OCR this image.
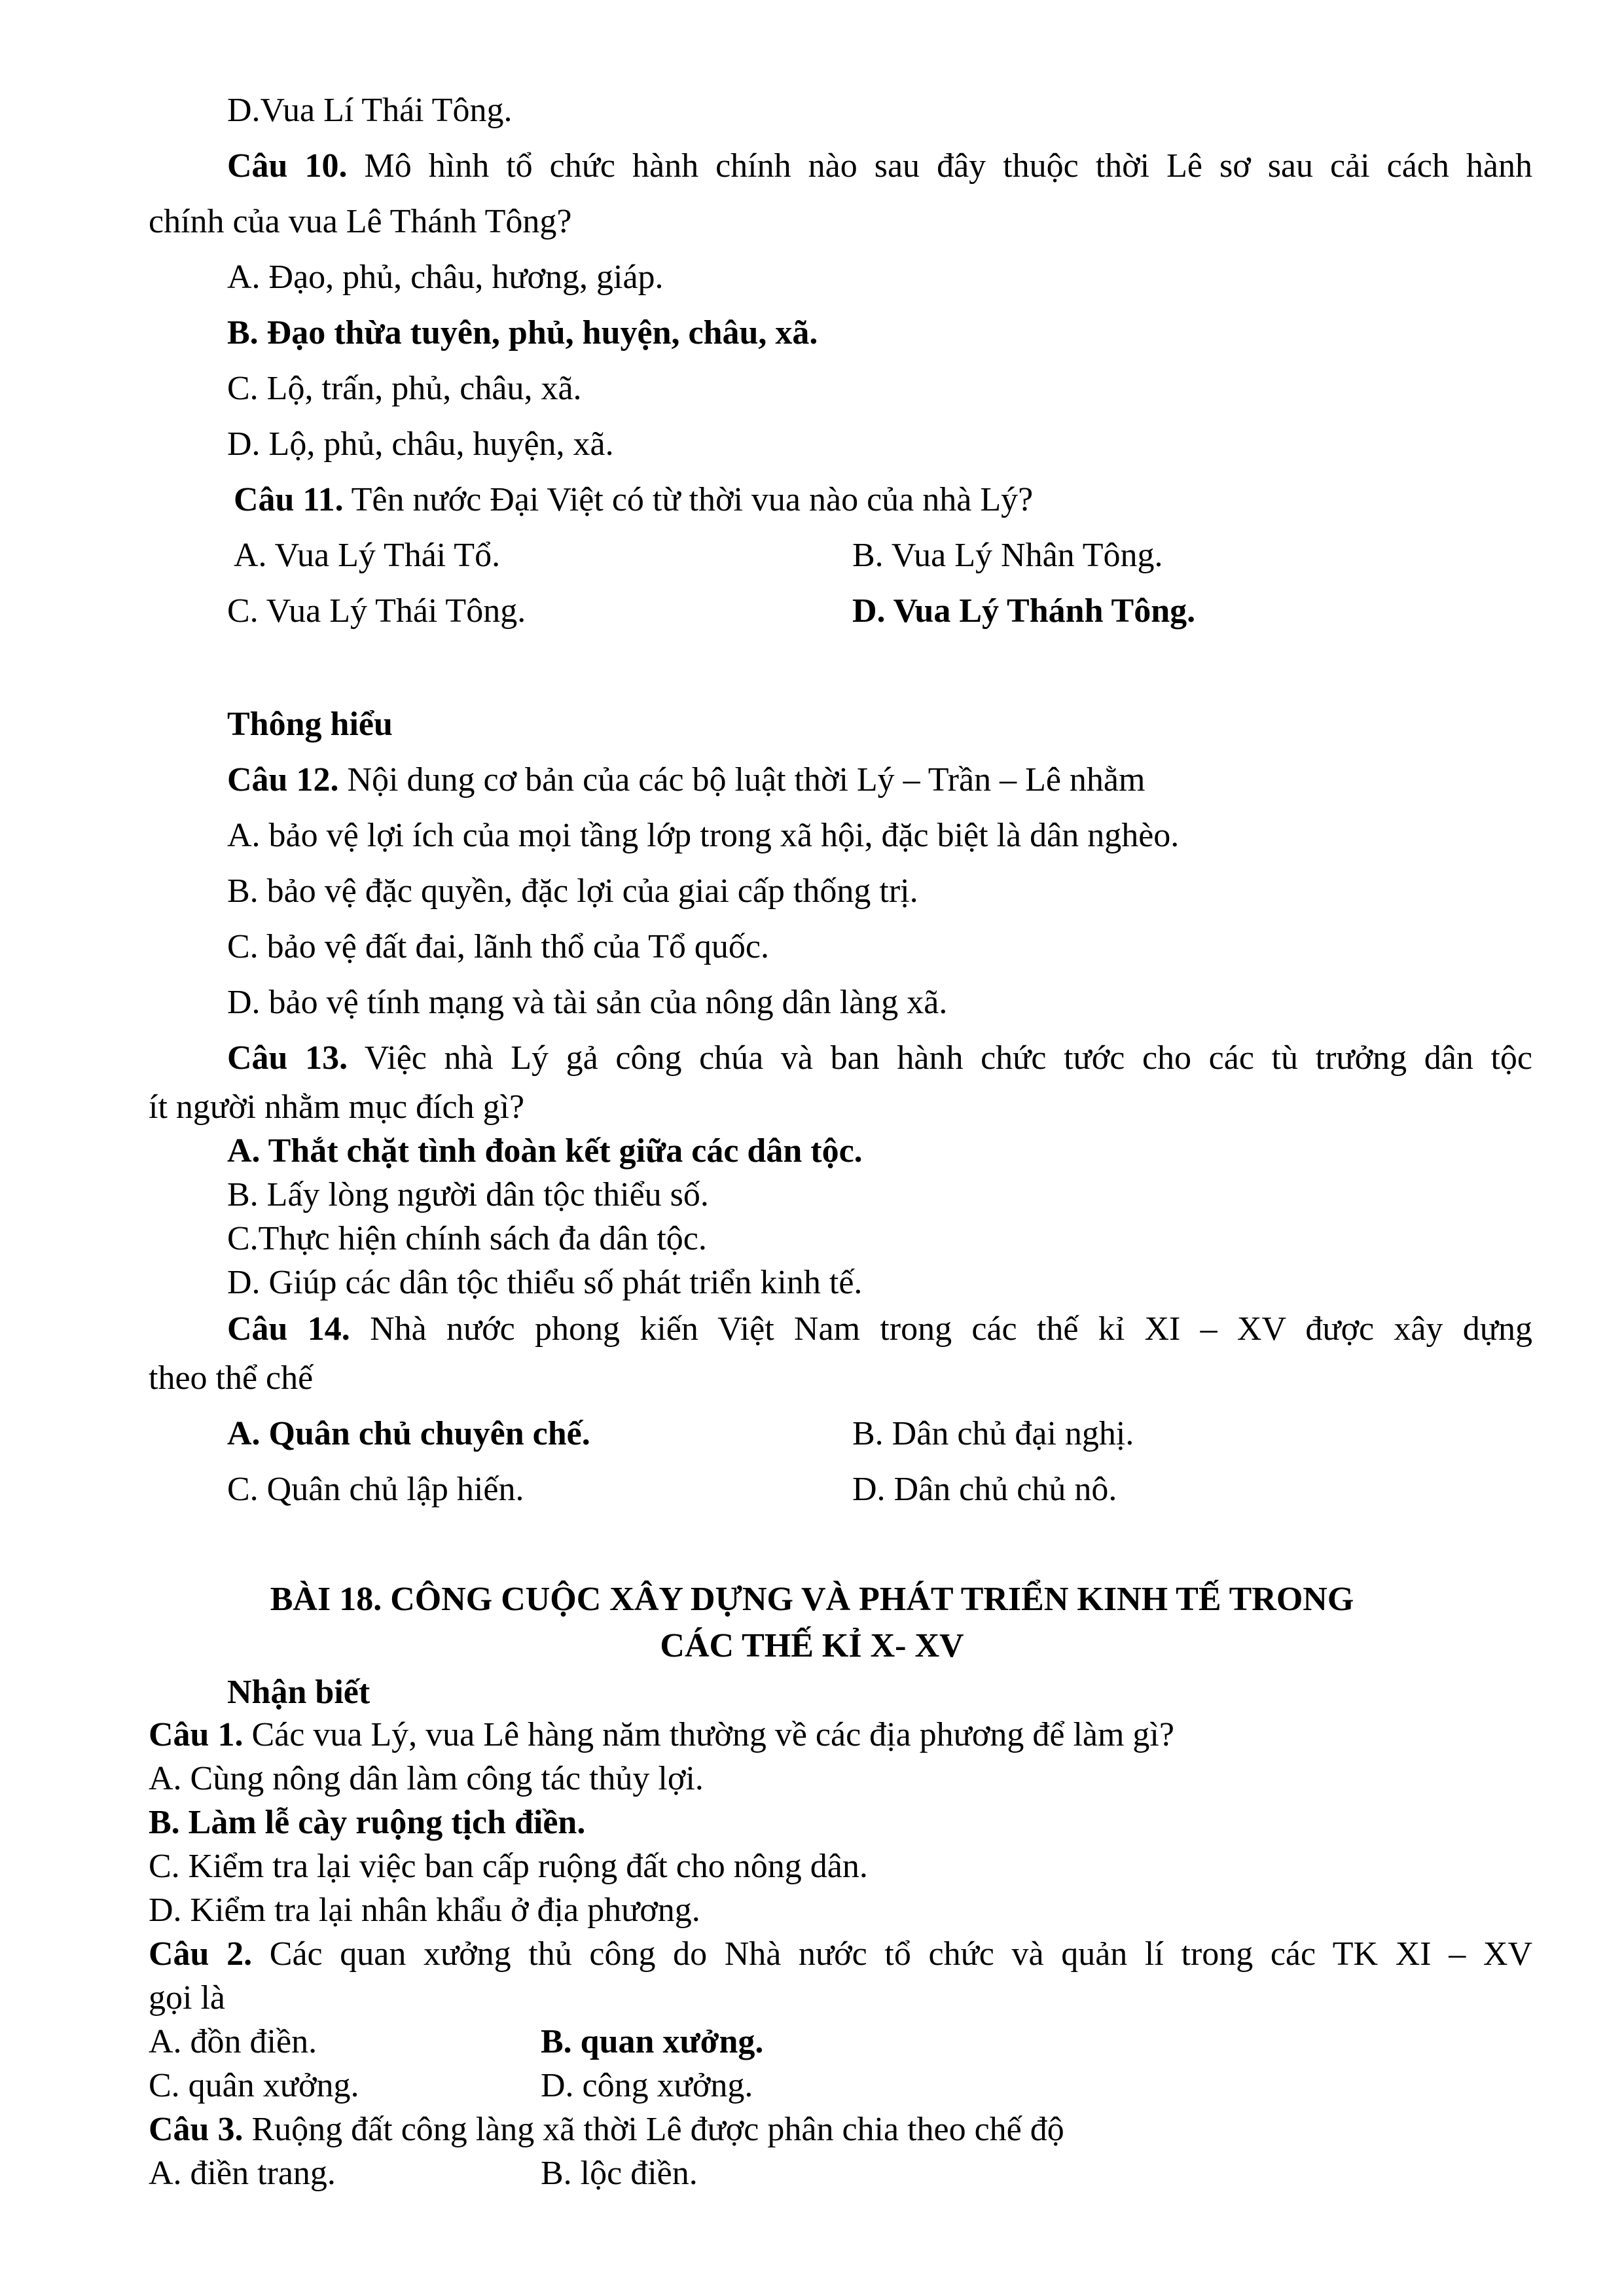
D.Vua Lí Thái Tông.
Câu 10. Mô hình tổ chức hành chính nào sau đây thuộc thời Lê sơ sau cải cách hành
chính của vua Lê Thánh Tông?
A. Đạo, phủ, châu, hương, giáp.
B. Đạo thừa tuyên, phủ, huyện, châu, xã.
C. Lộ, trấn, phủ, châu, xã.
D. Lộ, phủ, châu, huyện, xã.
Câu 11. Tên nước Đại Việt có từ thời vua nào của nhà Lý?
A. Vua Lý Thái Tổ.	B. Vua Lý Nhân Tông.
C. Vua Lý Thái Tông.	D. Vua Lý Thánh Tông.
Thông hiểu
Câu 12. Nội dung cơ bản của các bộ luật thời Lý – Trần – Lê nhằm
A. bảo vệ lợi ích của mọi tầng lớp trong xã hội, đặc biệt là dân nghèo.
B. bảo vệ đặc quyền, đặc lợi của giai cấp thống trị.
C. bảo vệ đất đai, lãnh thổ của Tổ quốc.
D. bảo vệ tính mạng và tài sản của nông dân làng xã.
Câu 13. Việc nhà Lý gả công chúa và ban hành chức tước cho các tù trưởng dân tộc
ít người nhằm mục đích gì?
A. Thắt chặt tình đoàn kết giữa các dân tộc.
B. Lấy lòng người dân tộc thiểu số.
C.Thực hiện chính sách đa dân tộc.
D. Giúp các dân tộc thiểu số phát triển kinh tế.
Câu 14. Nhà nước phong kiến Việt Nam trong các thế kỉ XI – XV được xây dựng
theo thể chế
A. Quân chủ chuyên chế.	B. Dân chủ đại nghị.
C. Quân chủ lập hiến.	D. Dân chủ chủ nô.
BÀI 18. CÔNG CUỘC XÂY DỰNG VÀ PHÁT TRIỂN KINH TẾ TRONG
CÁC THẾ KỈ X- XV
Nhận biết
Câu 1. Các vua Lý, vua Lê hàng năm thường về các địa phương để làm gì?
A. Cùng nông dân làm công tác thủy lợi.
B. Làm lễ cày ruộng tịch điền.
C. Kiểm tra lại việc ban cấp ruộng đất cho nông dân.
D. Kiểm tra lại nhân khẩu ở địa phương.
Câu 2. Các quan xưởng thủ công do Nhà nước tổ chức và quản lí trong các TK XI – XV
gọi là
A. đồn điền.	B. quan xưởng.
C. quân xưởng.	D. công xưởng.
Câu 3. Ruộng đất công làng xã thời Lê được phân chia theo chế độ
A. điền trang.	B. lộc điền.
